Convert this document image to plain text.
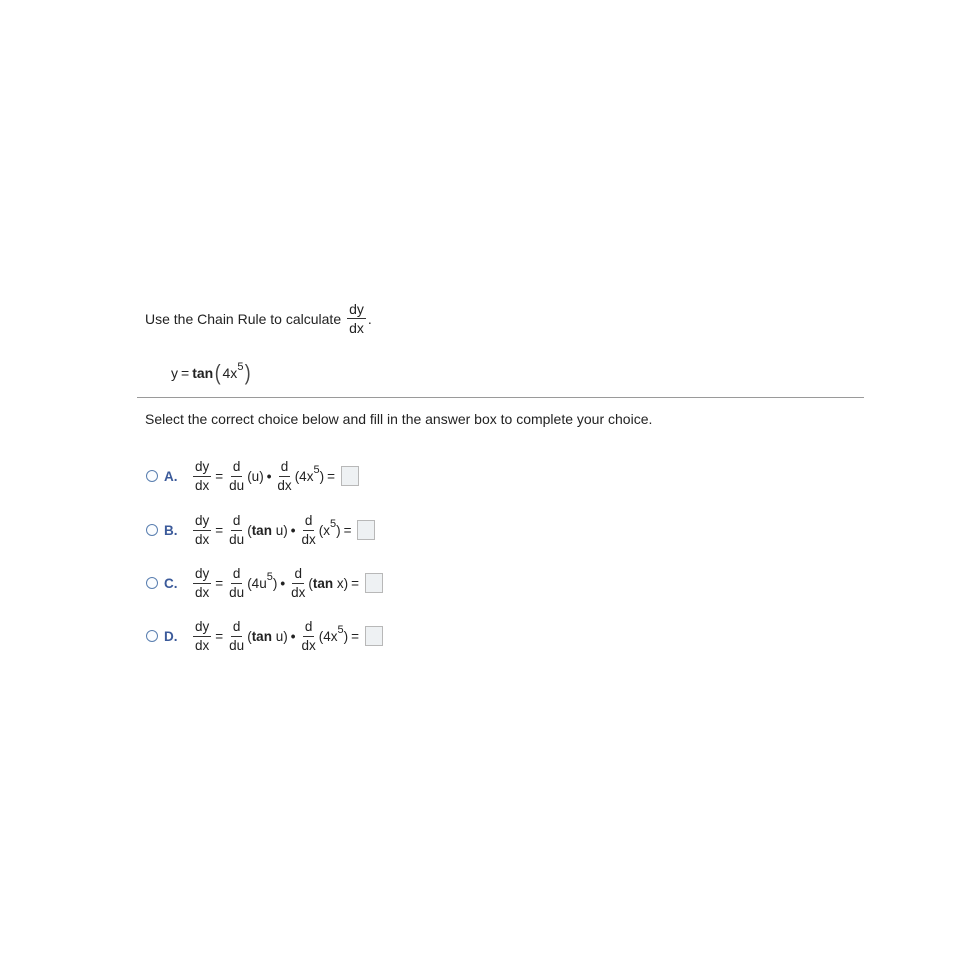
Use the Chain Rule to calculate $\frac{dy}{dx}$ .
y = tan ( $4x^5$ )
Select the correct choice below and fill in the answer box to complete your choice.
A.	$\frac{dy}{dx} = \frac{d}{du} (u)$ • $\frac{d}{dx} (4x^5)$ =
B.	$\frac{dy}{dx} = \frac{d}{du} (\tan$ u) • $\frac{d}{dx} (x^5)$ =
C.	$\frac{dy}{dx} = \frac{d}{du} (4u^5)$ • $\frac{d}{dx} (\tan$ x) =
D.	$\frac{dy}{dx} = \frac{d}{du} (\tan$ u) • $\frac{d}{dx} (4x^5)$ =
